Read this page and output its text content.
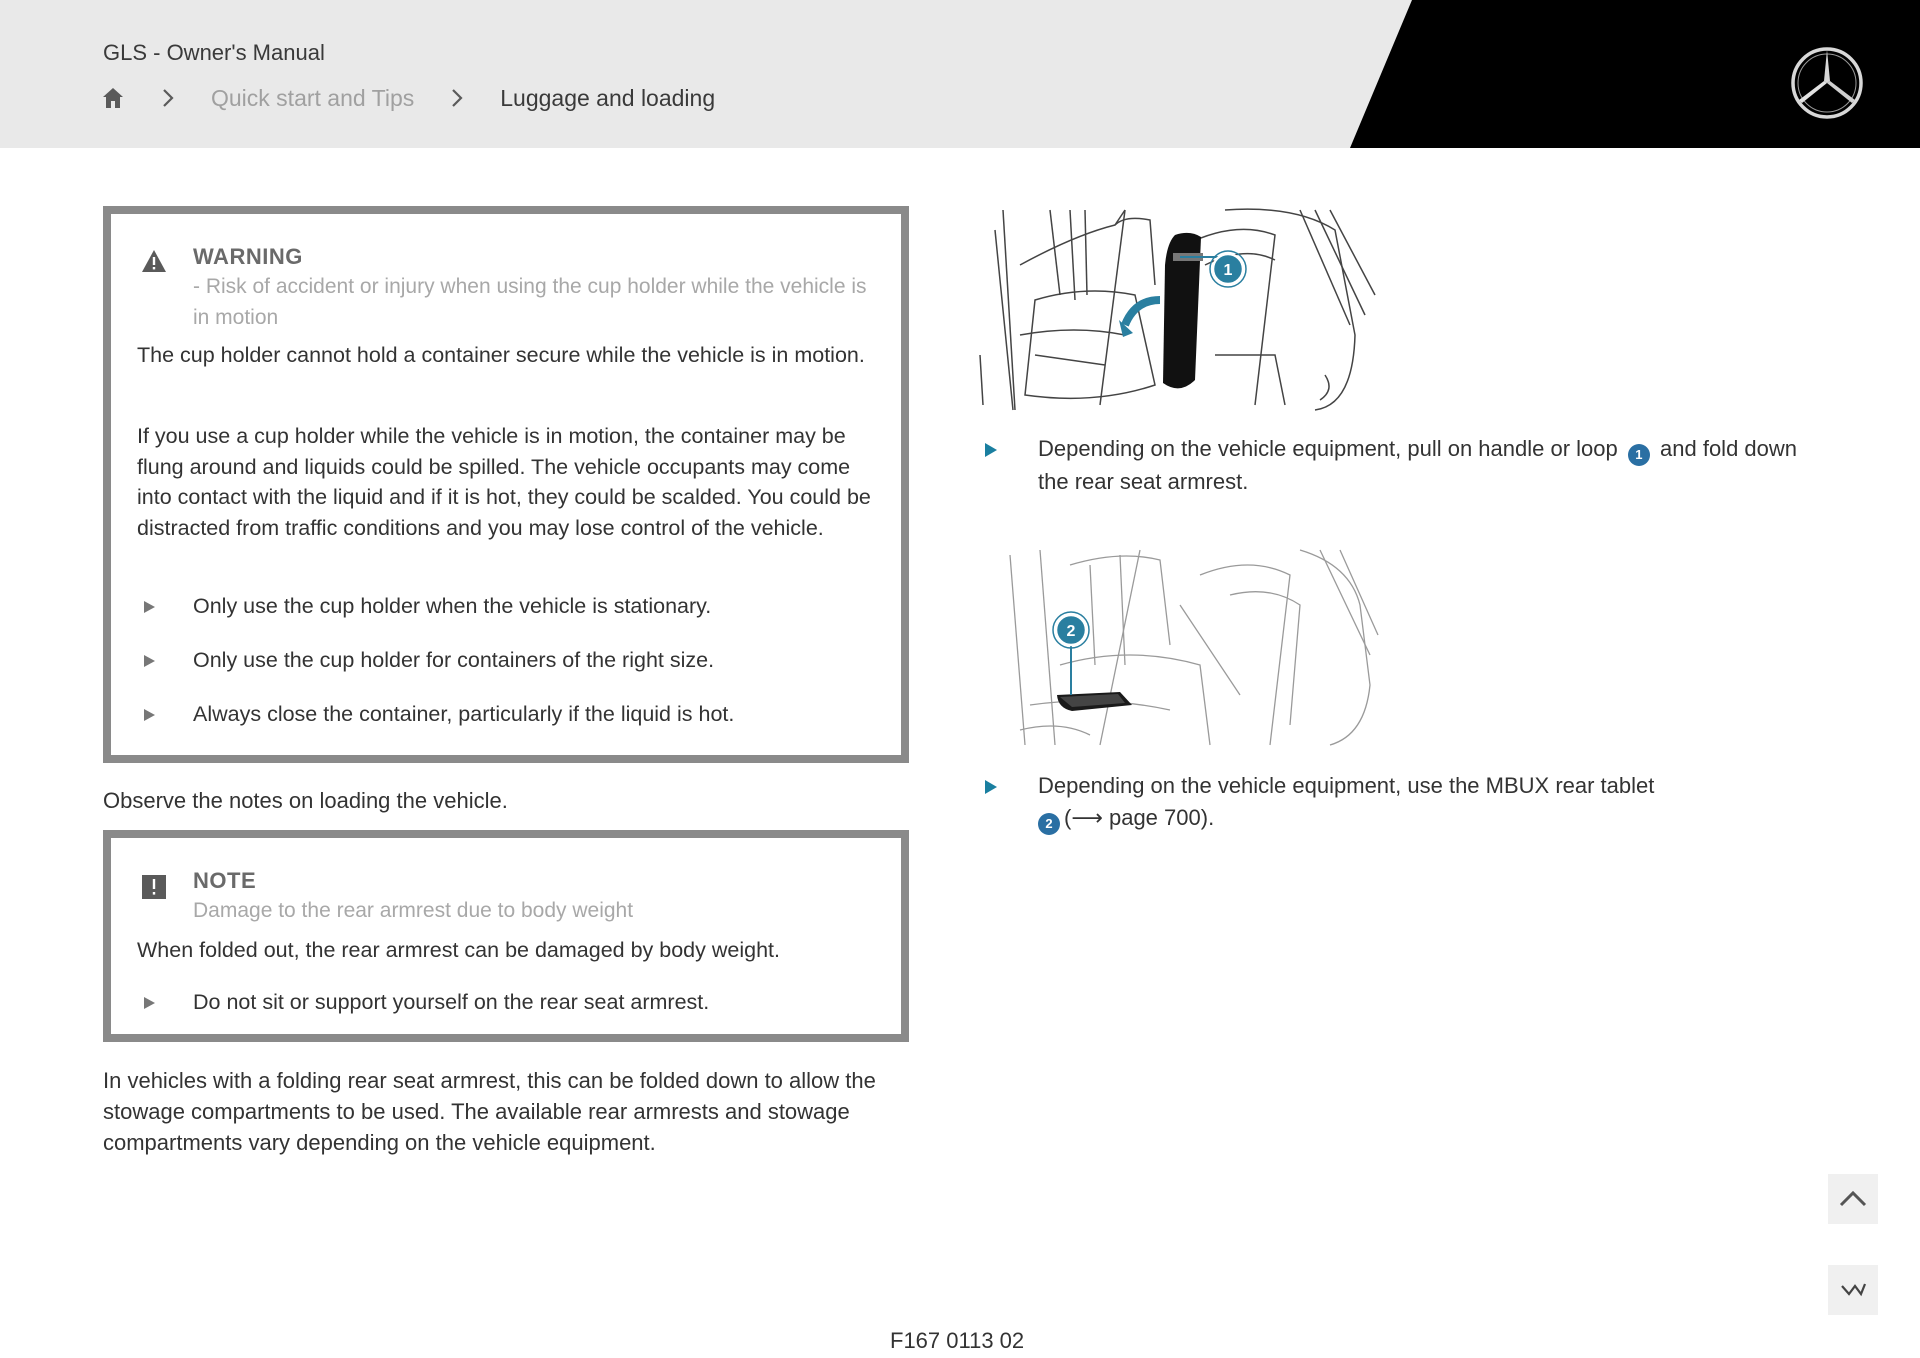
GLS - Owner's Manual
Quick start and Tips	Luggage and loading
WARNING
- Risk of accident or injury when using the cup holder while the vehicle is in motion
The cup holder cannot hold a container secure while the vehicle is in motion.
If you use a cup holder while the vehicle is in motion, the container may be flung around and liquids could be spilled. The vehicle occupants may come into contact with the liquid and if it is hot, they could be scalded. You could be distracted from traffic conditions and you may lose control of the vehicle.
Only use the cup holder when the vehicle is stationary.
Only use the cup holder for containers of the right size.
Always close the container, particularly if the liquid is hot.
Observe the notes on loading the vehicle.
NOTE
Damage to the rear armrest due to body weight
When folded out, the rear armrest can be damaged by body weight.
Do not sit or support yourself on the rear seat armrest.
In vehicles with a folding rear seat armrest, this can be folded down to allow the stowage compartments to be used. The available rear armrests and stowage compartments vary depending on the vehicle equipment.
1
Depending on the vehicle equipment, pull on handle or loop 1 and fold down the rear seat armrest.
2
Depending on the vehicle equipment, use the MBUX rear tablet
2 (⟶ page 700).
F167 0113 02
